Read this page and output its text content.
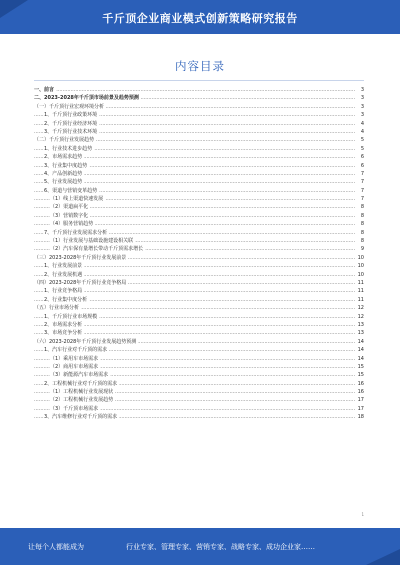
千斤顶企业商业模式创新策略研究报告
内容目录
.....
一、前言	3
.....
二、2023-2028年千斤顶市场前景及趋势预测	3
.....
（一）千斤顶行业宏观环境分析	3
.....
1、千斤顶行业政策环境	3
.....
2、千斤顶行业经济环境	4
.....
3、千斤顶行业技术环境	4
.....
（二）千斤顶行业发展趋势	5
.....
1、行业技术进步趋势	5
.....
2、市场需求趋势	6
.....
3、行业集中度趋势	6
.....
4、产品创新趋势	7
.....
5、行业发展趋势	7
.....
6、渠道与营销变革趋势	7
.....
（1）线上渠道快速发展	7
.....
（2）渠道扁平化	8
.....
（3）营销数字化	8
.....
（4）服务营销趋势	8
.....
7、千斤顶行业发展需求分析	8
.....
（1）行业发展与基础设施建设相关联	8
.....
（2）汽车保有量增长带动千斤顶需求增长	9
.....
（三）2023-2028年千斤顶行业发展前景	10
.....
1、行业发展前景	10
.....
2、行业发展机遇	10
.....
（四）2023-2028年千斤顶行业竞争格局	11
.....
1、行业竞争格局	11
.....
2、行业集中度分析	11
.....
（五）行业市场分析	12
.....
1、千斤顶行业市场规模	12
.....
2、市场需求分析	13
.....
3、市场竞争分析	13
.....
（六）2023-2028年千斤顶行业发展趋势预测	14
.....
1、汽车行业对千斤顶的需求	14
.....
（1）乘用车市场需求	14
.....
（2）商用车市场需求	15
.....
（3）新能源汽车市场需求	15
.....
2、工程机械行业对千斤顶的需求	16
.....
（1）工程机械行业发展现状	16
.....
（2）工程机械行业发展趋势	17
.....
（3）千斤顶市场需求	17
.....
3、汽车维修行业对千斤顶的需求	18
1
让每个人都能成为	行业专家、管理专家、营销专家、战略专家、成功企业家……
